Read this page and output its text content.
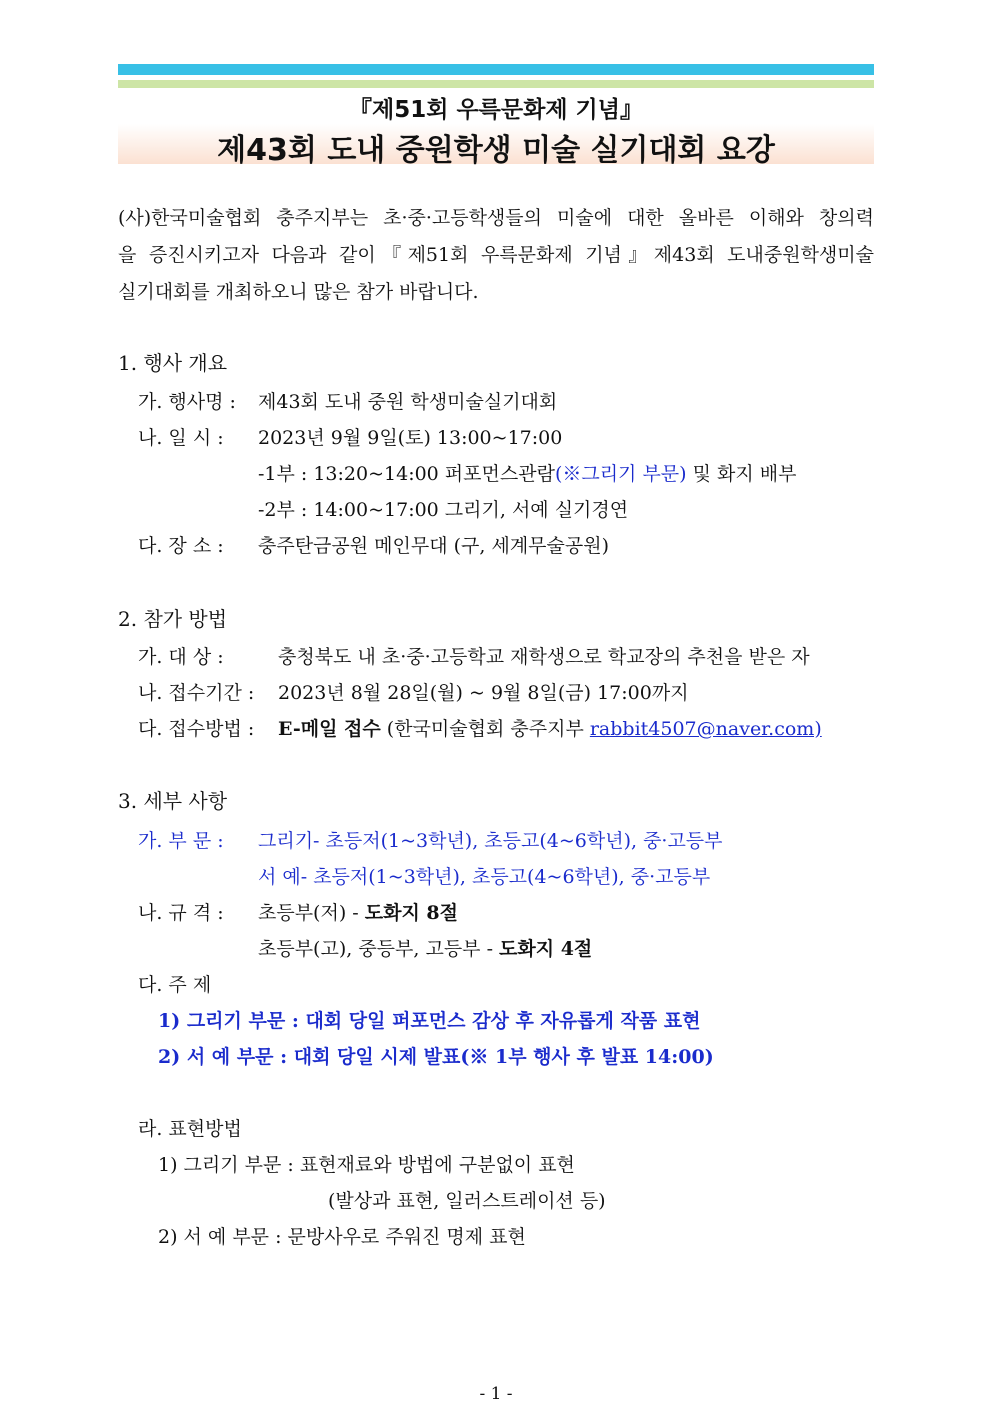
『제51회 우륵문화제 기념』
제43회 도내 중원학생 미술 실기대회 요강
(사)한국미술협회 충주지부는 초·중·고등학생들의 미술에 대한 올바른 이해와 창의력
을 증진시키고자 다음과 같이『제51회 우륵문화제 기념』제43회 도내중원학생미술
실기대회를 개최하오니 많은 참가 바랍니다.
1. 행사 개요
가. 행사명 : 제43회 도내 중원 학생미술실기대회
나. 일 시 : 2023년 9월 9일(토) 13:00~17:00
-1부 : 13:20~14:00 퍼포먼스관람(※그리기 부문) 및 화지 배부
-2부 : 14:00~17:00 그리기, 서예 실기경연
다. 장 소 : 충주탄금공원 메인무대 (구, 세계무술공원)
2. 참가 방법
가. 대 상 :	충청북도 내 초·중·고등학교 재학생으로 학교장의 추천을 받은 자
나. 접수기간 : 2023년 8월 28일(월) ~ 9월 8일(금) 17:00까지
다. 접수방법 : E-메일 접수 (한국미술협회 충주지부 rabbit4507@naver.com)
3. 세부 사항
가. 부 문 : 그리기- 초등저(1~3학년), 초등고(4~6학년), 중·고등부
서 예- 초등저(1~3학년), 초등고(4~6학년), 중·고등부
나. 규 격 : 초등부(저) - 도화지 8절
초등부(고), 중등부, 고등부 - 도화지 4절
다. 주 제
1) 그리기 부문 : 대회 당일 퍼포먼스 감상 후 자유롭게 작품 표현
2) 서 예 부문 : 대회 당일 시제 발표(※ 1부 행사 후 발표 14:00)
라. 표현방법
1) 그리기 부문 : 표현재료와 방법에 구분없이 표현
(발상과 표현, 일러스트레이션 등)
2) 서 예 부문 : 문방사우로 주워진 명제 표현
- 1 -
